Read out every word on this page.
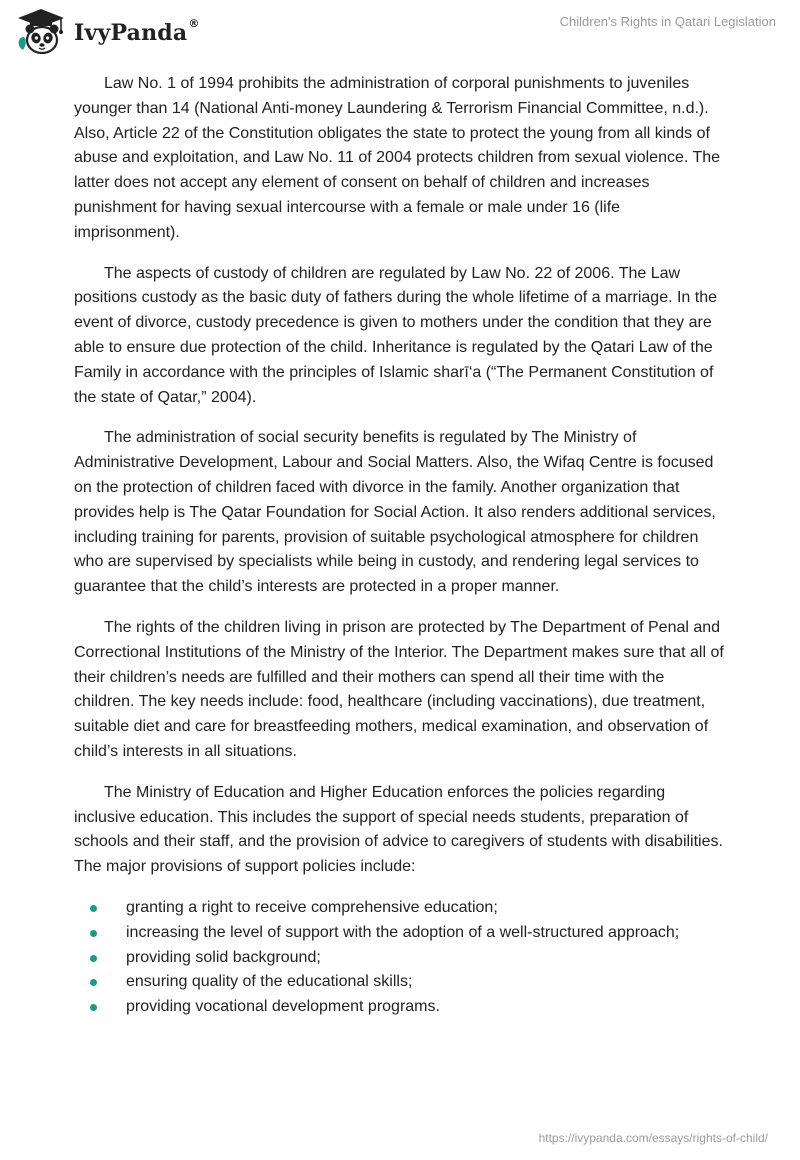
IvyPanda ®	Children's Rights in Qatari Legislation

Law No. 1 of 1994 prohibits the administration of corporal punishments to juveniles younger than 14 (National Anti-money Laundering & Terrorism Financial Committee, n.d.). Also, Article 22 of the Constitution obligates the state to protect the young from all kinds of abuse and exploitation, and Law No. 11 of 2004 protects children from sexual violence. The latter does not accept any element of consent on behalf of children and increases punishment for having sexual intercourse with a female or male under 16 (life imprisonment).

The aspects of custody of children are regulated by Law No. 22 of 2006. The Law positions custody as the basic duty of fathers during the whole lifetime of a marriage. In the event of divorce, custody precedence is given to mothers under the condition that they are able to ensure due protection of the child. Inheritance is regulated by the Qatari Law of the Family in accordance with the principles of Islamic sharī‘a (“The Permanent Constitution of the state of Qatar,” 2004).

The administration of social security benefits is regulated by The Ministry of Administrative Development, Labour and Social Matters. Also, the Wifaq Centre is focused on the protection of children faced with divorce in the family. Another organization that provides help is The Qatar Foundation for Social Action. It also renders additional services, including training for parents, provision of suitable psychological atmosphere for children who are supervised by specialists while being in custody, and rendering legal services to guarantee that the child’s interests are protected in a proper manner.

The rights of the children living in prison are protected by The Department of Penal and Correctional Institutions of the Ministry of the Interior. The Department makes sure that all of their children’s needs are fulfilled and their mothers can spend all their time with the children. The key needs include: food, healthcare (including vaccinations), due treatment, suitable diet and care for breastfeeding mothers, medical examination, and observation of child’s interests in all situations.

The Ministry of Education and Higher Education enforces the policies regarding inclusive education. This includes the support of special needs students, preparation of schools and their staff, and the provision of advice to caregivers of students with disabilities. The major provisions of support policies include:

granting a right to receive comprehensive education;
increasing the level of support with the adoption of a well-structured approach;
providing solid background;
ensuring quality of the educational skills;
providing vocational development programs.
https://ivypanda.com/essays/rights-of-child/
